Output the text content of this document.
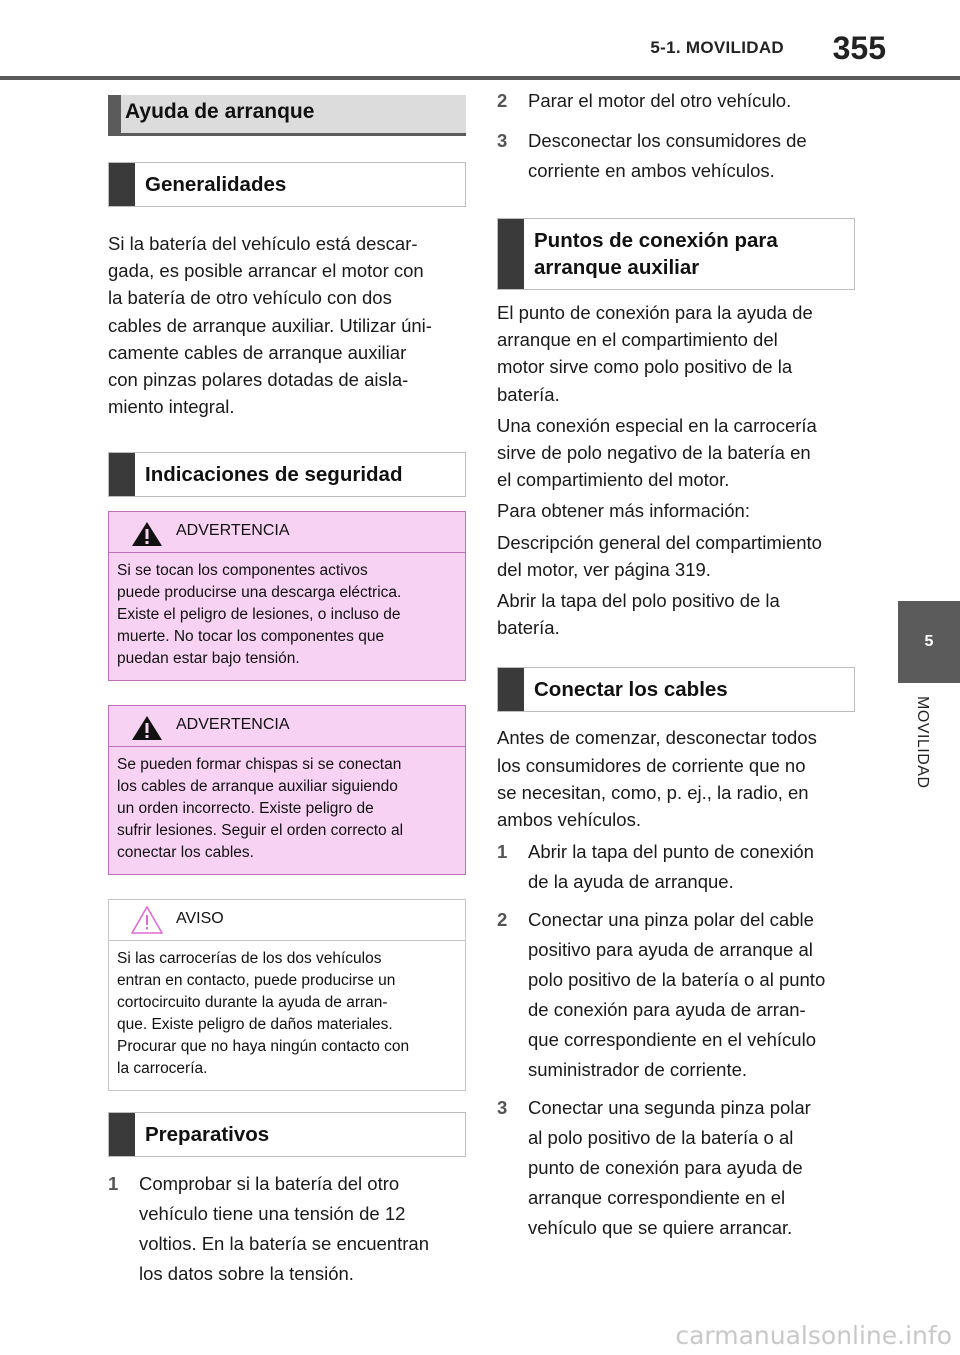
5-1. MOVILIDAD 355
5
MOVILIDAD
Ayuda de arranque
Generalidades
Si la batería del vehículo está descar-
gada, es posible arrancar el motor con
la batería de otro vehículo con dos
cables de arranque auxiliar. Utilizar úni-
camente cables de arranque auxiliar
con pinzas polares dotadas de aisla-
miento integral.
Indicaciones de seguridad
ADVERTENCIA
Si se tocan los componentes activos
puede producirse una descarga eléctrica.
Existe el peligro de lesiones, o incluso de
muerte. No tocar los componentes que
puedan estar bajo tensión.
ADVERTENCIA
Se pueden formar chispas si se conectan
los cables de arranque auxiliar siguiendo
un orden incorrecto. Existe peligro de
sufrir lesiones. Seguir el orden correcto al
conectar los cables.
AVISO
Si las carrocerías de los dos vehículos
entran en contacto, puede producirse un
cortocircuito durante la ayuda de arran-
que. Existe peligro de daños materiales.
Procurar que no haya ningún contacto con
la carrocería.
Preparativos
1 Comprobar si la batería del otro
vehículo tiene una tensión de 12
voltios. En la batería se encuentran
los datos sobre la tensión.
2 Parar el motor del otro vehículo.
3 Desconectar los consumidores de
corriente en ambos vehículos.
Puntos de conexión para
arranque auxiliar
El punto de conexión para la ayuda de
arranque en el compartimiento del
motor sirve como polo positivo de la
batería.
Una conexión especial en la carrocería
sirve de polo negativo de la batería en
el compartimiento del motor.
Para obtener más información:
Descripción general del compartimiento
del motor, ver página 319.
Abrir la tapa del polo positivo de la
batería.
Conectar los cables
Antes de comenzar, desconectar todos
los consumidores de corriente que no
se necesitan, como, p. ej., la radio, en
ambos vehículos.
1 Abrir la tapa del punto de conexión
de la ayuda de arranque.
2 Conectar una pinza polar del cable
positivo para ayuda de arranque al
polo positivo de la batería o al punto
de conexión para ayuda de arran-
que correspondiente en el vehículo
suministrador de corriente.
3 Conectar una segunda pinza polar
al polo positivo de la batería o al
punto de conexión para ayuda de
arranque correspondiente en el
vehículo que se quiere arrancar.
carmanualsonline.info
